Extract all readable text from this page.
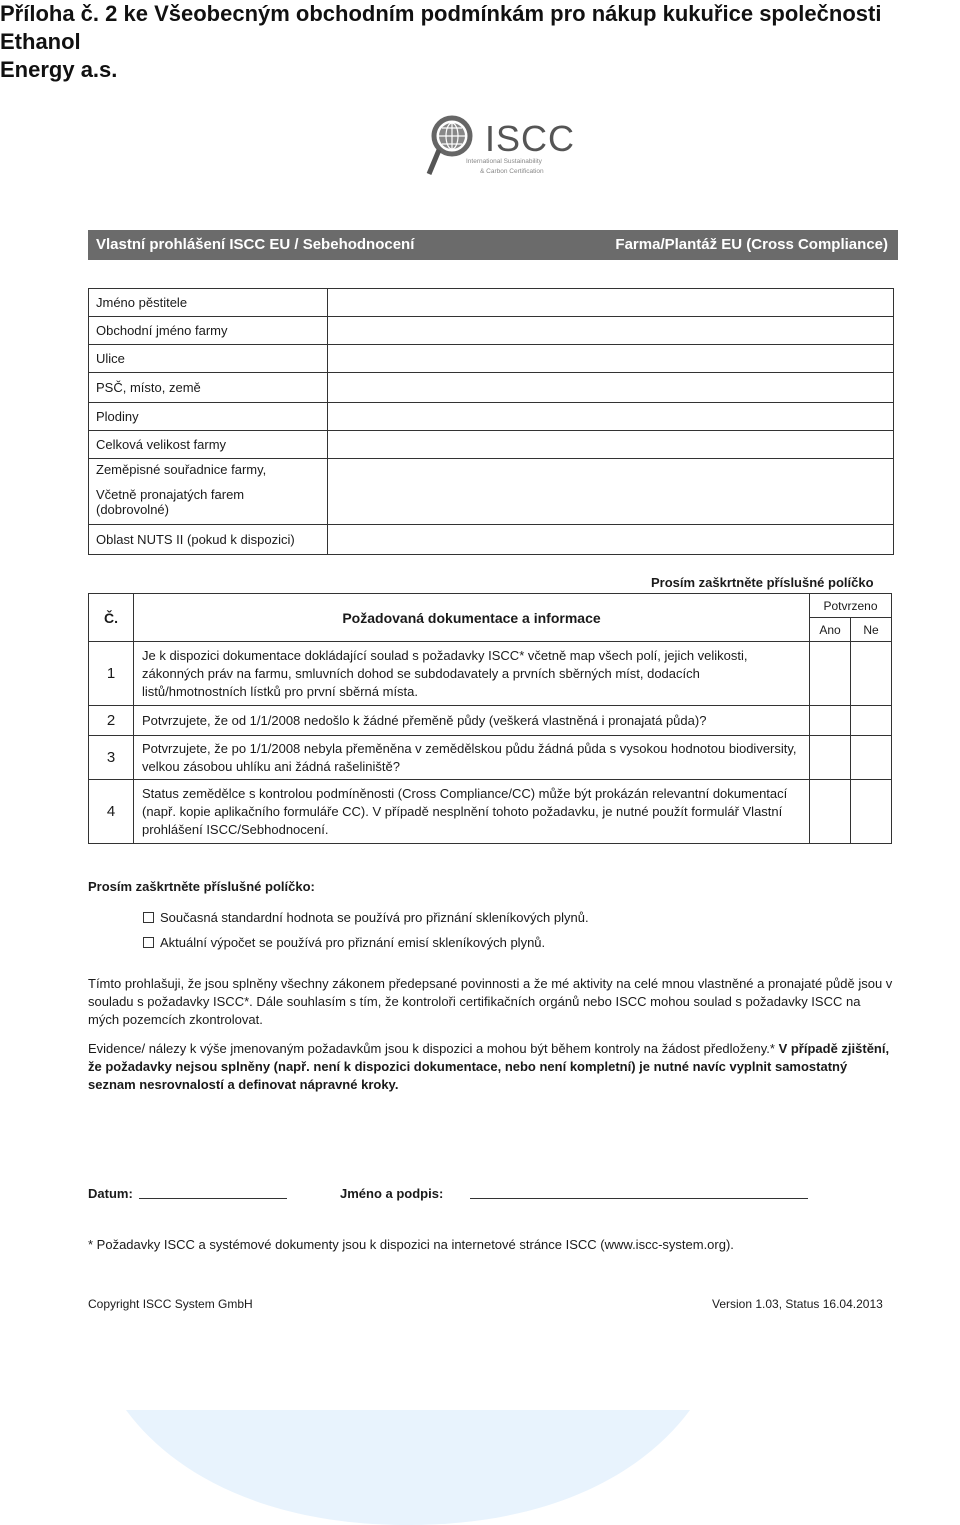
Příloha č. 2 ke Všeobecným obchodním podmínkám pro nákup kukuřice společnosti Ethanol
Energy a.s.
ISCC
International Sustainability
& Carbon Certification
Vlastní prohlášení ISCC EU / Sebehodnocení	Farma/Plantáž EU (Cross Compliance)
Jméno pěstitele	
Obchodní jméno farmy	
Ulice	
PSČ, místo, země	
Plodiny	
Celková velikost farmy	
Zeměpisné souřadnice farmy,	
Včetně pronajatých farem (dobrovolné)	
Oblast NUTS II (pokud k dispozici)	
Prosím zaškrtněte příslušné políčko
Č.	Požadovaná dokumentace a informace	Potvrzeno	
		Ano	Ne
1	Je k dispozici dokumentace dokládající soulad s požadavky ISCC* včetně map všech polí, jejich velikosti, zákonných práv na farmu, smluvních dohod se subdodavately a prvních sběrných míst, dodacích listů/hmotnostních lístků pro první sběrná místa.		
2	Potvrzujete, že od 1/1/2008 nedošlo k žádné přeměně půdy (veškerá vlastněná i pronajatá půda)?		
3	Potvrzujete, že po 1/1/2008 nebyla přeměněna v zemědělskou půdu žádná půda s vysokou hodnotou biodiversity, velkou zásobou uhlíku ani žádná rašeliniště?		
4	Status zemědělce s kontrolou podmíněnosti (Cross Compliance/CC) může být prokázán relevantní dokumentací (např. kopie aplikačního formuláře CC). V případě nesplnění tohoto požadavku, je nutné použít formulář Vlastní prohlášení ISCC/Sebhodnocení.		
Prosím zaškrtněte příslušné políčko:
Současná standardní hodnota se používá pro přiznání skleníkových plynů.
Aktuální výpočet se používá pro přiznání emisí skleníkových plynů.
Tímto prohlašuji, že jsou splněny všechny zákonem předepsané povinnosti a že mé aktivity na celé mnou vlastněné a pronajaté půdě jsou v souladu s požadavky ISCC*. Dále souhlasím s tím, že kontroloři certifikačních orgánů nebo ISCC mohou soulad s požadavky ISCC na mých pozemcích zkontrolovat.
Evidence/ nálezy k výše jmenovaným požadavkům jsou k dispozici a mohou být během kontroly na žádost předloženy.* V případě zjištění, že požadavky nejsou splněny (např. není k dispozici dokumentace, nebo není kompletní) je nutné navíc vyplnit samostatný seznam nesrovnalostí a definovat nápravné kroky.
Datum:	Jméno a podpis:
* Požadavky ISCC a systémové dokumenty jsou k dispozici na internetové stránce ISCC (www.iscc-system.org).
Copyright ISCC System GmbH	Version 1.03, Status 16.04.2013
